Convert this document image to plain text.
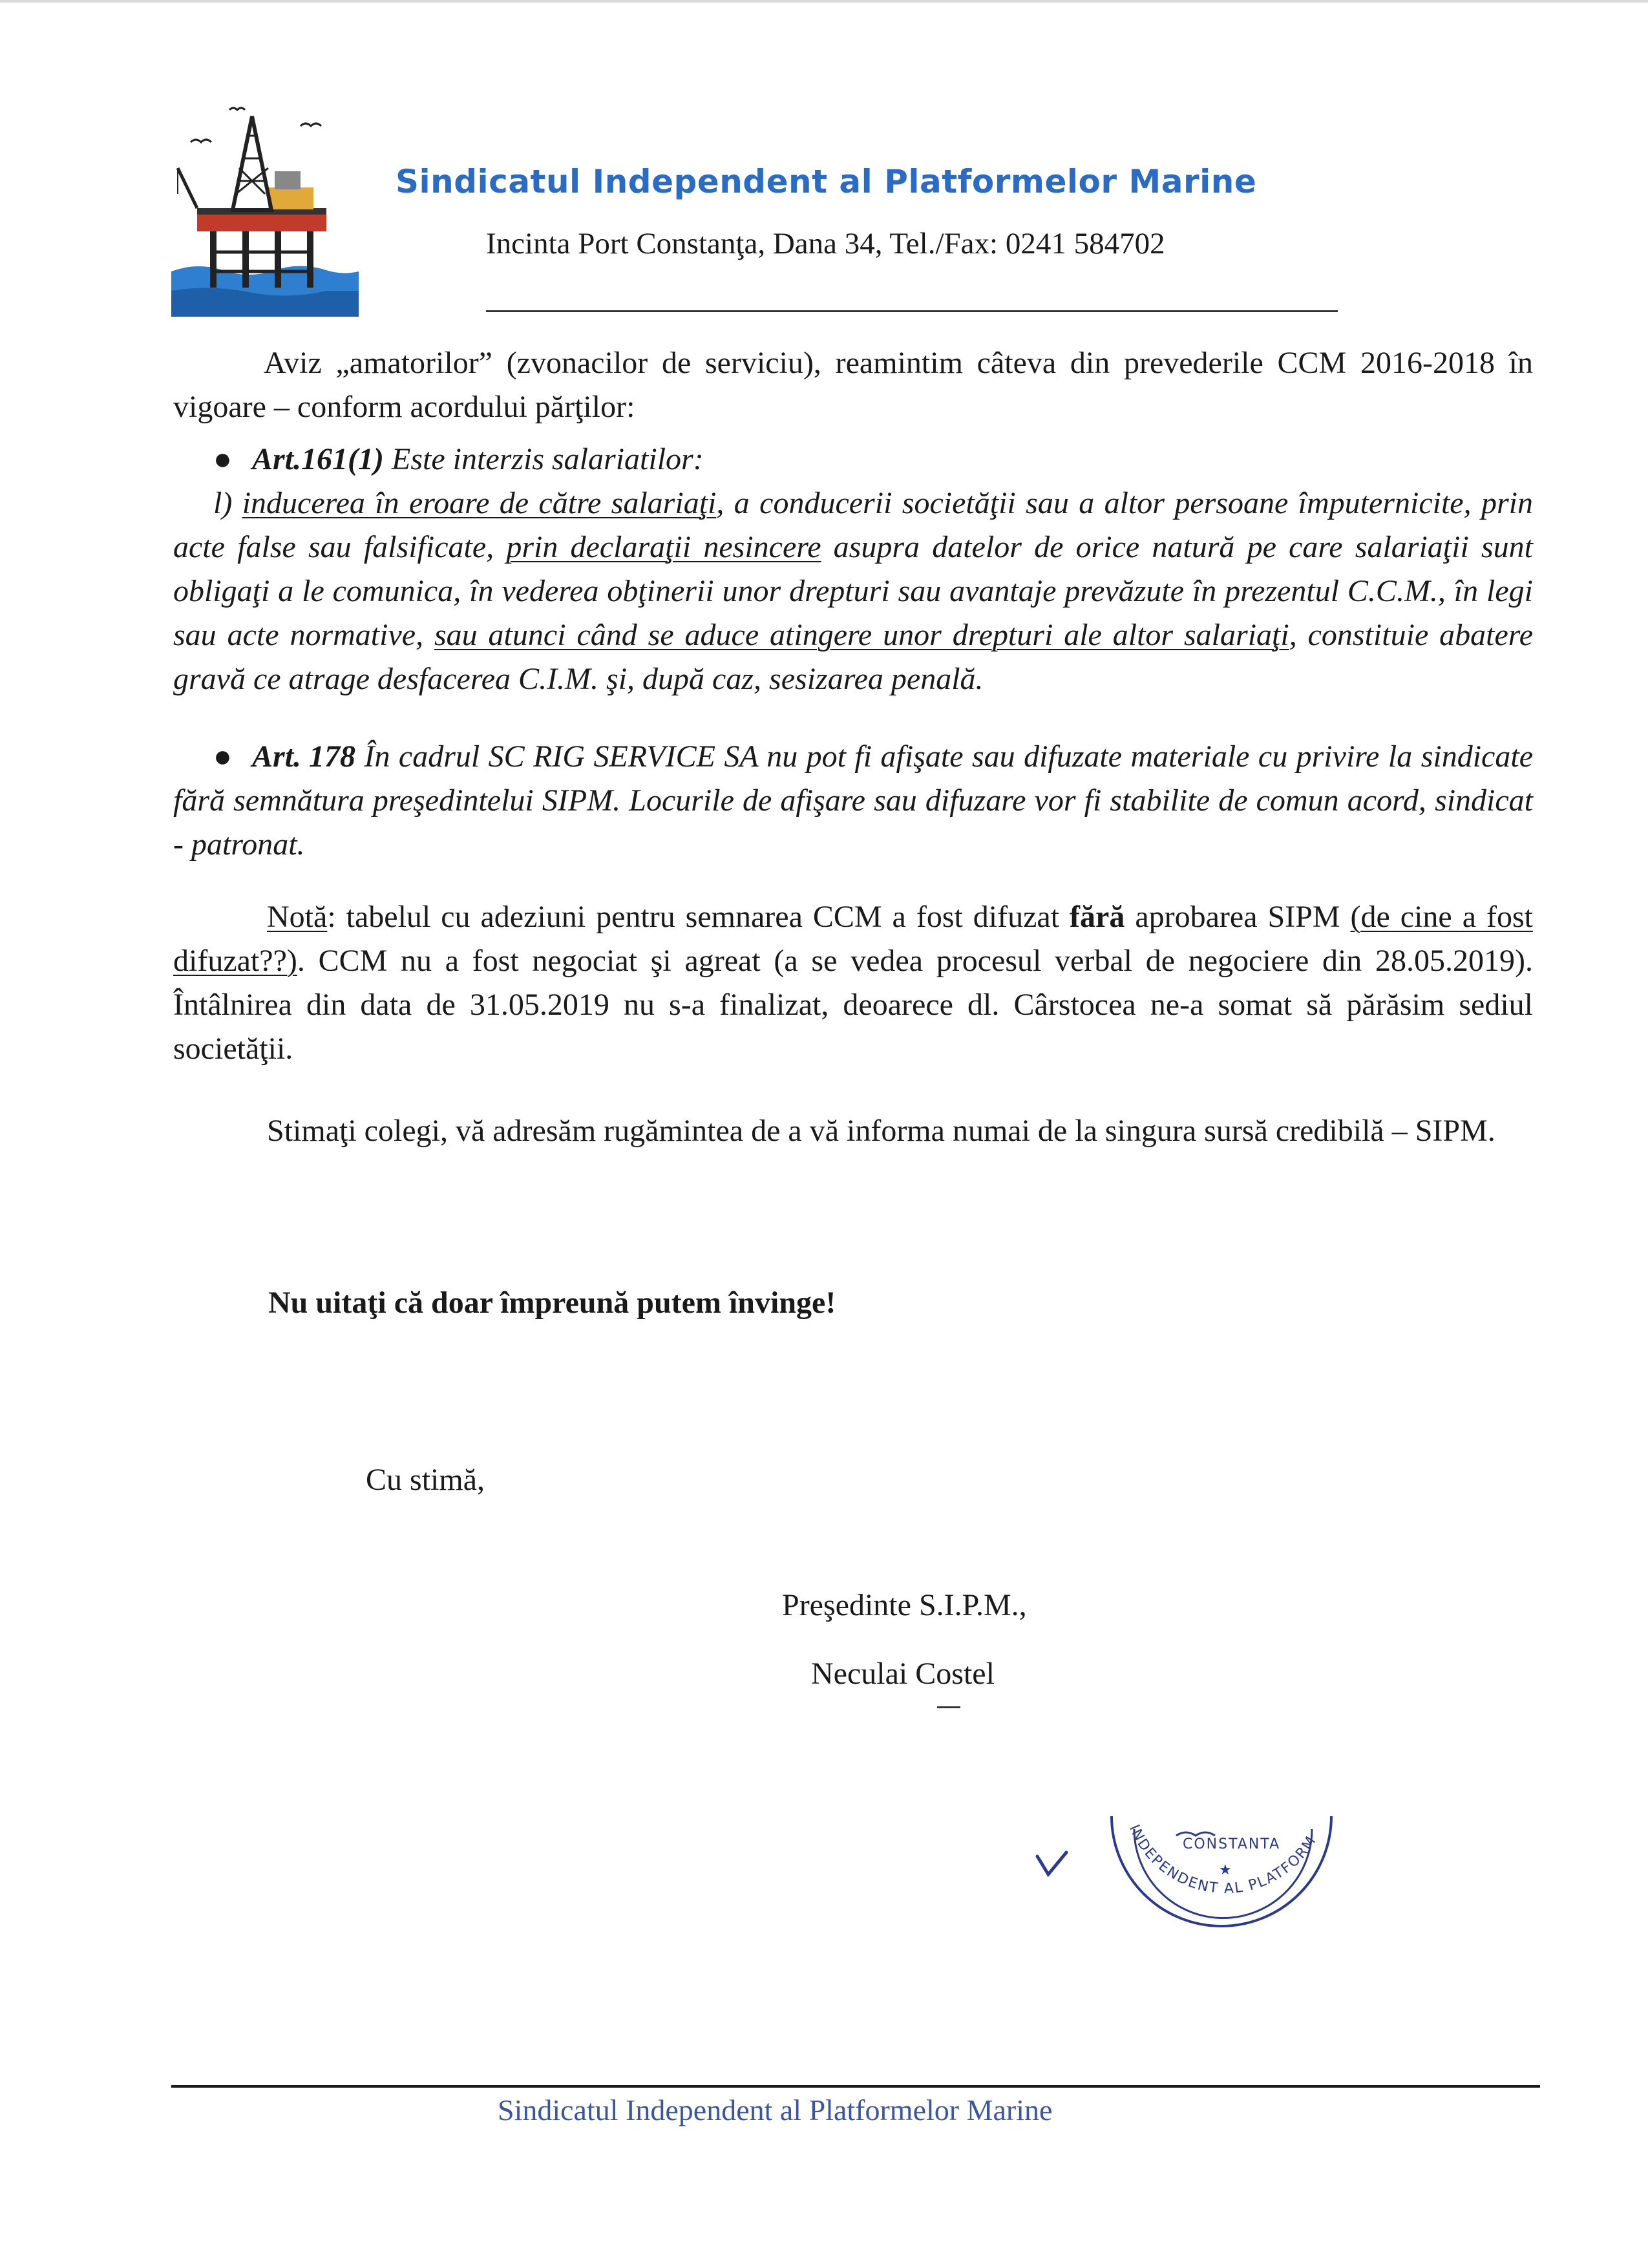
Sindicatul Independent al Platformelor Marine
Incinta Port Constanţa, Dana 34, Tel./Fax: 0241 584702
Aviz „amatorilor” (zvonacilor de serviciu), reamintim câteva din prevederile CCM 2016-2018 în vigoare – conform acordului părţilor:
● Art.161(1) Este interzis salariatilor:
l) inducerea în eroare de către salariaţi, a conducerii societăţii sau a altor persoane împuternicite, prin acte false sau falsificate, prin declaraţii nesincere asupra datelor de orice natură pe care salariaţii sunt obligaţi a le comunica, în vederea obţinerii unor drepturi sau avantaje prevăzute în prezentul C.C.M., în legi sau acte normative, sau atunci când se aduce atingere unor drepturi ale altor salariaţi, constituie abatere gravă ce atrage desfacerea C.I.M. şi, după caz, sesizarea penală.
● Art. 178 În cadrul SC RIG SERVICE SA nu pot fi afişate sau difuzate materiale cu privire la sindicate fără semnătura preşedintelui SIPM. Locurile de afişare sau difuzare vor fi stabilite de comun acord, sindicat - patronat.
Notă: tabelul cu adeziuni pentru semnarea CCM a fost difuzat fără aprobarea SIPM (de cine a fost difuzat??). CCM nu a fost negociat şi agreat (a se vedea procesul verbal de negociere din 28.05.2019). Întâlnirea din data de 31.05.2019 nu s-a finalizat, deoarece dl. Cârstocea ne-a somat să părăsim sediul societăţii.
Stimaţi colegi, vă adresăm rugămintea de a vă informa numai de la singura sursă credibilă – SIPM.
Nu uitaţi că doar împreună putem învinge!
Cu stimă,
Preşedinte S.I.P.M.,
Neculai Costel
INDEPENDENT AL PLATFORM
CONSTANTA
★
Sindicatul Independent al Platformelor Marine
